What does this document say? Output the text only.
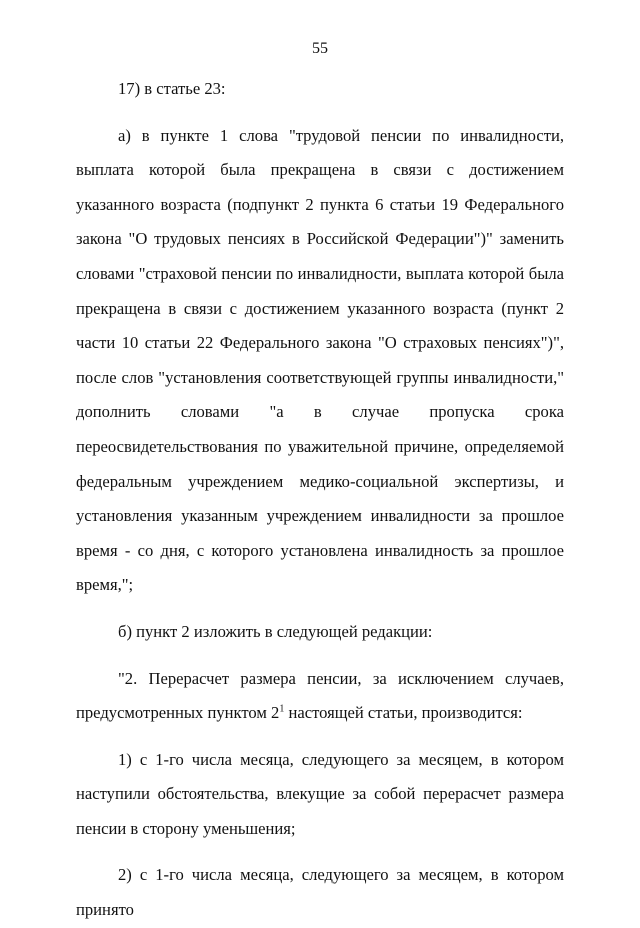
55

17) в статье 23:

а) в пункте 1 слова "трудовой пенсии по инвалидности, выплата которой была прекращена в связи с достижением указанного возраста (подпункт 2 пункта 6 статьи 19 Федерального закона "О трудовых пенсиях в Российской Федерации")" заменить словами "страховой пенсии по инвалидности, выплата которой была прекращена в связи с достижением указанного возраста (пункт 2 части 10 статьи 22 Федерального закона "О страховых пенсиях")", после слов "установления соответствующей группы инвалидности," дополнить словами "а в случае пропуска срока переосвидетельствования по уважительной причине, определяемой федеральным учреждением медико-социальной экспертизы, и установления указанным учреждением инвалидности за прошлое время - со дня, с которого установлена инвалидность за прошлое время,";

б) пункт 2 изложить в следующей редакции:

"2. Перерасчет размера пенсии, за исключением случаев, предусмотренных пунктом $2^1$ настоящей статьи, производится:

1) с 1-го числа месяца, следующего за месяцем, в котором наступили обстоятельства, влекущие за собой перерасчет размера пенсии в сторону уменьшения;

2) с 1-го числа месяца, следующего за месяцем, в котором принято
